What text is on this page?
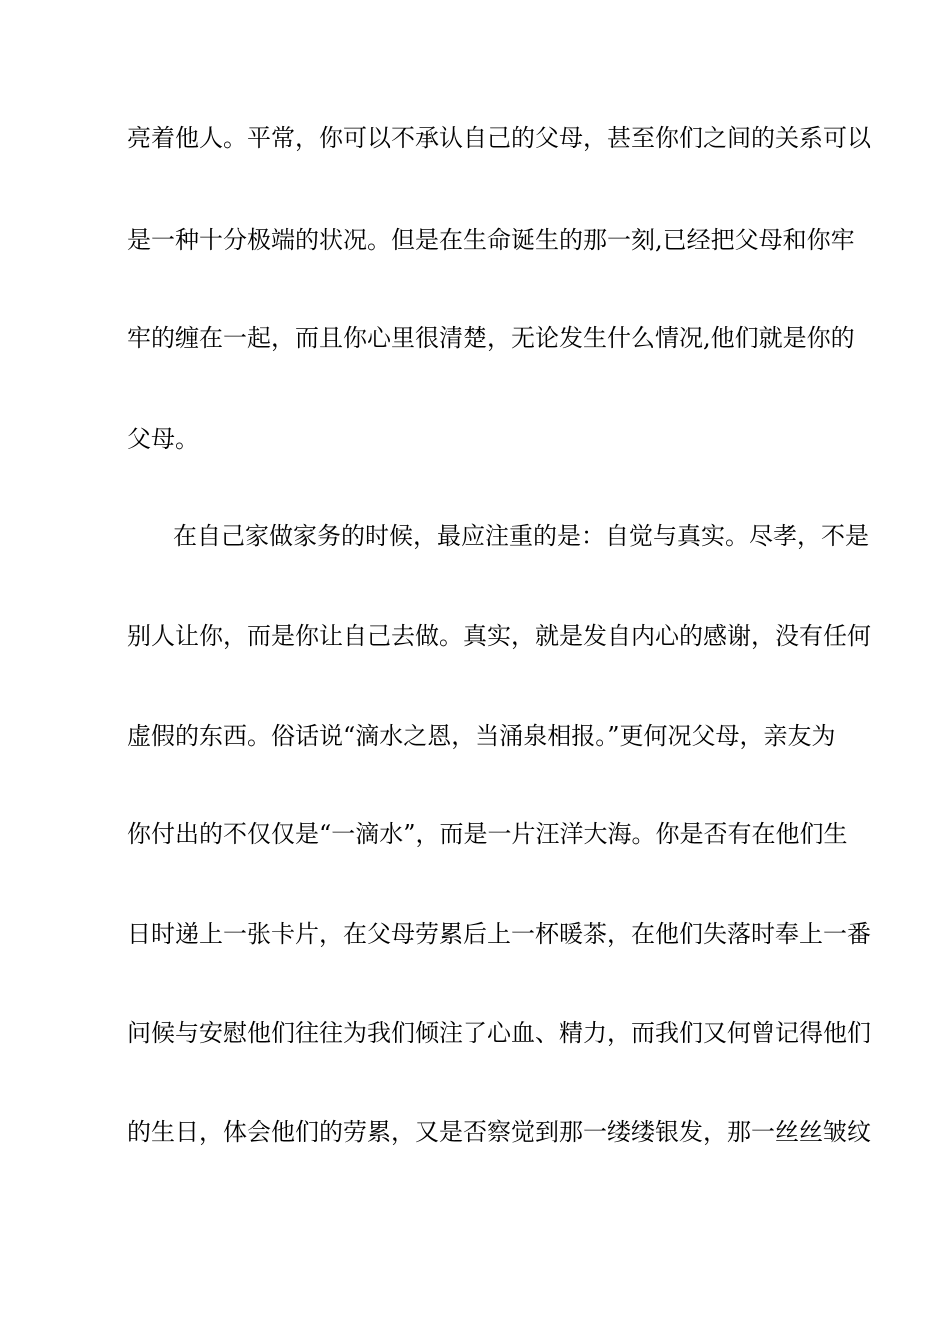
亮着他人。平常，你可以不承认自己的父母，甚至你们之间的关系可以
是一种十分极端的状况。但是在生命诞生的那一刻,已经把父母和你牢
牢的缠在一起，而且你心里很清楚，无论发生什么情况,他们就是你的
父母。
在自己家做家务的时候，最应注重的是：自觉与真实。尽孝，不是
别人让你，而是你让自己去做。真实，就是发自内心的感谢，没有任何
虚假的东西。俗话说“滴水之恩，当涌泉相报。”更何况父母，亲友为
你付出的不仅仅是“一滴水”，而是一片汪洋大海。你是否有在他们生
日时递上一张卡片，在父母劳累后上一杯暖茶，在他们失落时奉上一番
问候与安慰他们往往为我们倾注了心血、精力，而我们又何曾记得他们
的生日，体会他们的劳累，又是否察觉到那一缕缕银发，那一丝丝皱纹
